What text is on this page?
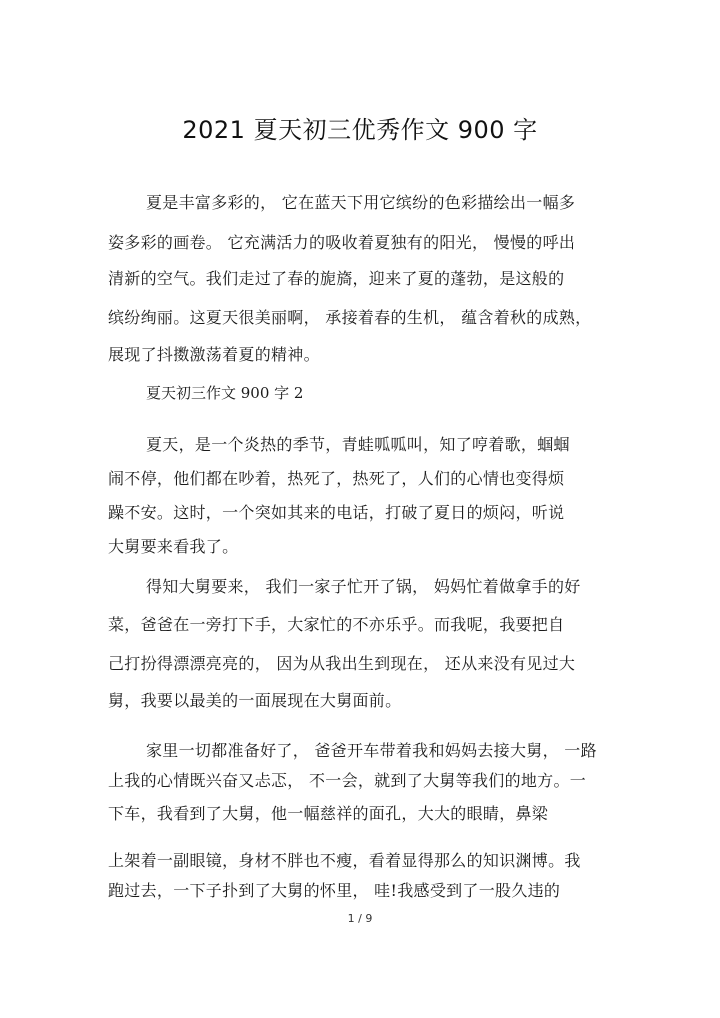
2021 夏天初三优秀作文 900 字
夏是丰富多彩的， 它在蓝天下用它缤纷的色彩描绘出一幅多
姿多彩的画卷。 它充满活力的吸收着夏独有的阳光， 慢慢的呼出
清新的空气。我们走过了春的旎旖，迎来了夏的蓬勃，是这般的
缤纷绚丽。这夏天很美丽啊， 承接着春的生机， 蕴含着秋的成熟，
展现了抖擞激荡着夏的精神。
夏天初三作文 900 字 2
夏天，是一个炎热的季节，青蛙呱呱叫，知了哼着歌，蝈蝈
闹不停，他们都在吵着，热死了，热死了，人们的心情也变得烦
躁不安。这时，一个突如其来的电话，打破了夏日的烦闷，听说
大舅要来看我了。
得知大舅要来， 我们一家子忙开了锅， 妈妈忙着做拿手的好
菜，爸爸在一旁打下手，大家忙的不亦乐乎。而我呢，我要把自
己打扮得漂漂亮亮的， 因为从我出生到现在， 还从来没有见过大
舅，我要以最美的一面展现在大舅面前。
家里一切都准备好了， 爸爸开车带着我和妈妈去接大舅， 一路
上我的心情既兴奋又忐忑， 不一会，就到了大舅等我们的地方。一
下车，我看到了大舅，他一幅慈祥的面孔，大大的眼睛，鼻梁
上架着一副眼镜，身材不胖也不瘦，看着显得那么的知识渊博。我
跑过去，一下子扑到了大舅的怀里， 哇!我感受到了一股久违的
1 / 9
